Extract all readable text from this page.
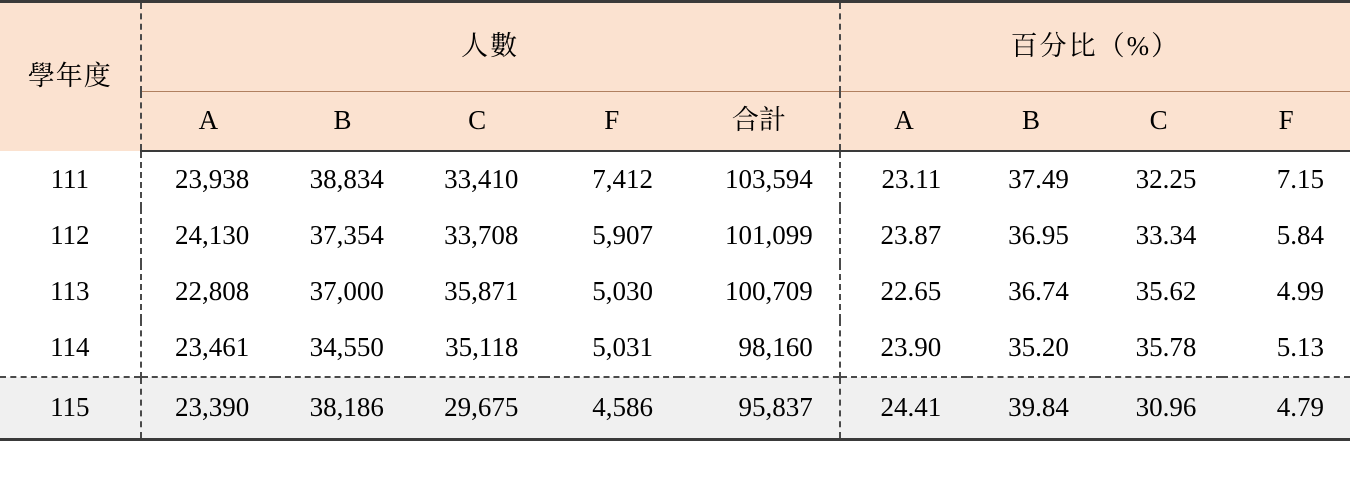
學年度	人數					百分比（%）			
	A	B	C	F	合計	A	B	C	F
111	23,938	38,834	33,410	7,412	103,594	23.11	37.49	32.25	7.15
112	24,130	37,354	33,708	5,907	101,099	23.87	36.95	33.34	5.84
113	22,808	37,000	35,871	5,030	100,709	22.65	36.74	35.62	4.99
114	23,461	34,550	35,118	5,031	98,160	23.90	35.20	35.78	5.13
115	23,390	38,186	29,675	4,586	95,837	24.41	39.84	30.96	4.79
